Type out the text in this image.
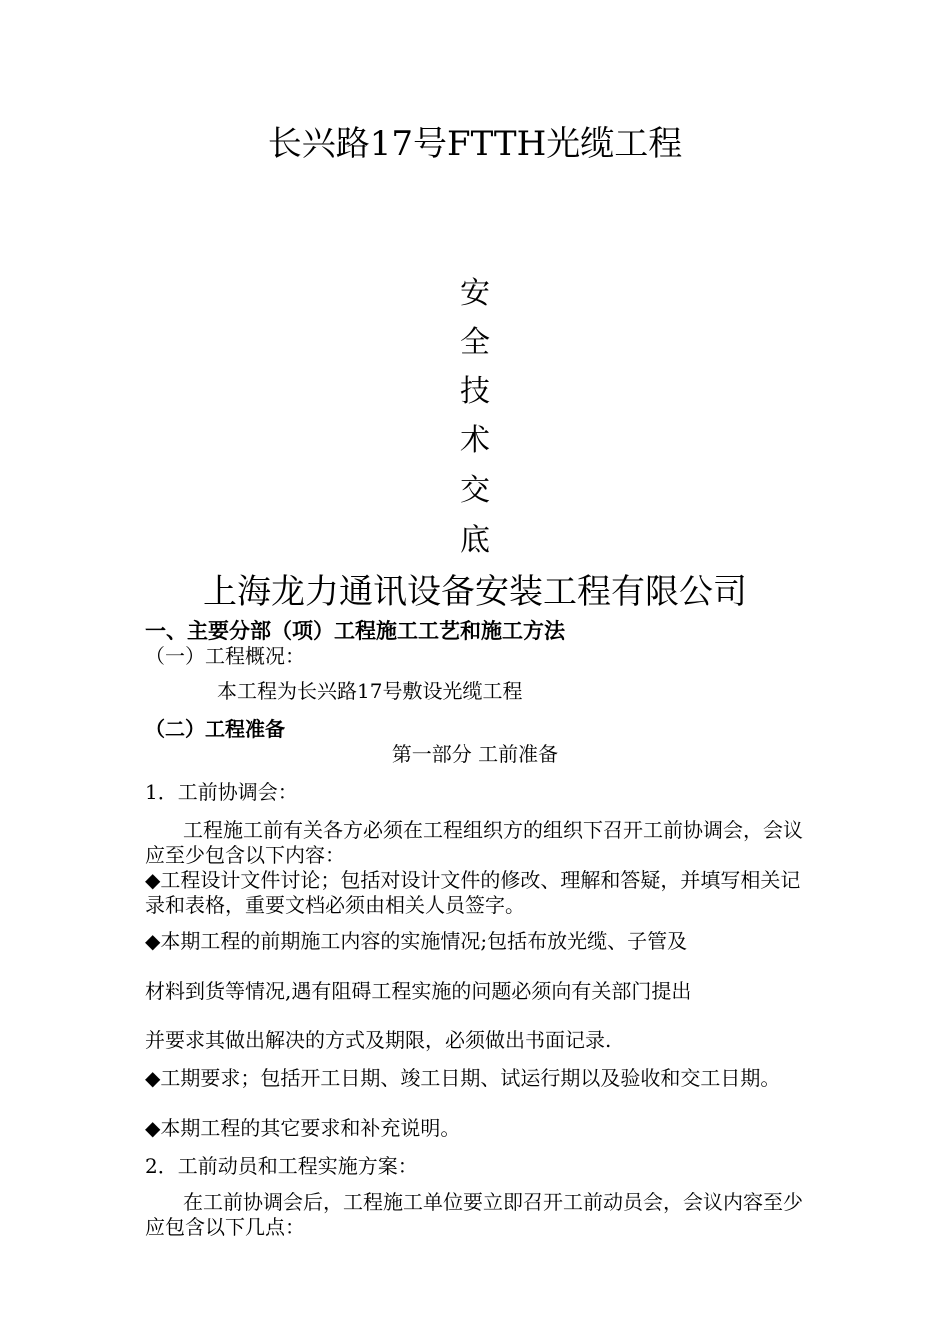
长兴路17号FTTH光缆工程
安
全
技
术
交
底
上海龙力通讯设备安装工程有限公司
一、主要分部（项）工程施工工艺和施工方法
（一）工程概况：
本工程为长兴路17号敷设光缆工程
（二）工程准备
第一部分 工前准备
1．工前协调会：
工程施工前有关各方必须在工程组织方的组织下召开工前协调会，会议应至少包含以下内容：
◆工程设计文件讨论；包括对设计文件的修改、理解和答疑，并填写相关记录和表格，重要文档必须由相关人员签字。
◆本期工程的前期施工内容的实施情况;包括布放光缆、子管及
材料到货等情况,遇有阻碍工程实施的问题必须向有关部门提出
并要求其做出解决的方式及期限，必须做出书面记录.
◆工期要求；包括开工日期、竣工日期、试运行期以及验收和交工日期。
◆本期工程的其它要求和补充说明。
2．工前动员和工程实施方案：
在工前协调会后，工程施工单位要立即召开工前动员会，会议内容至少应包含以下几点：
